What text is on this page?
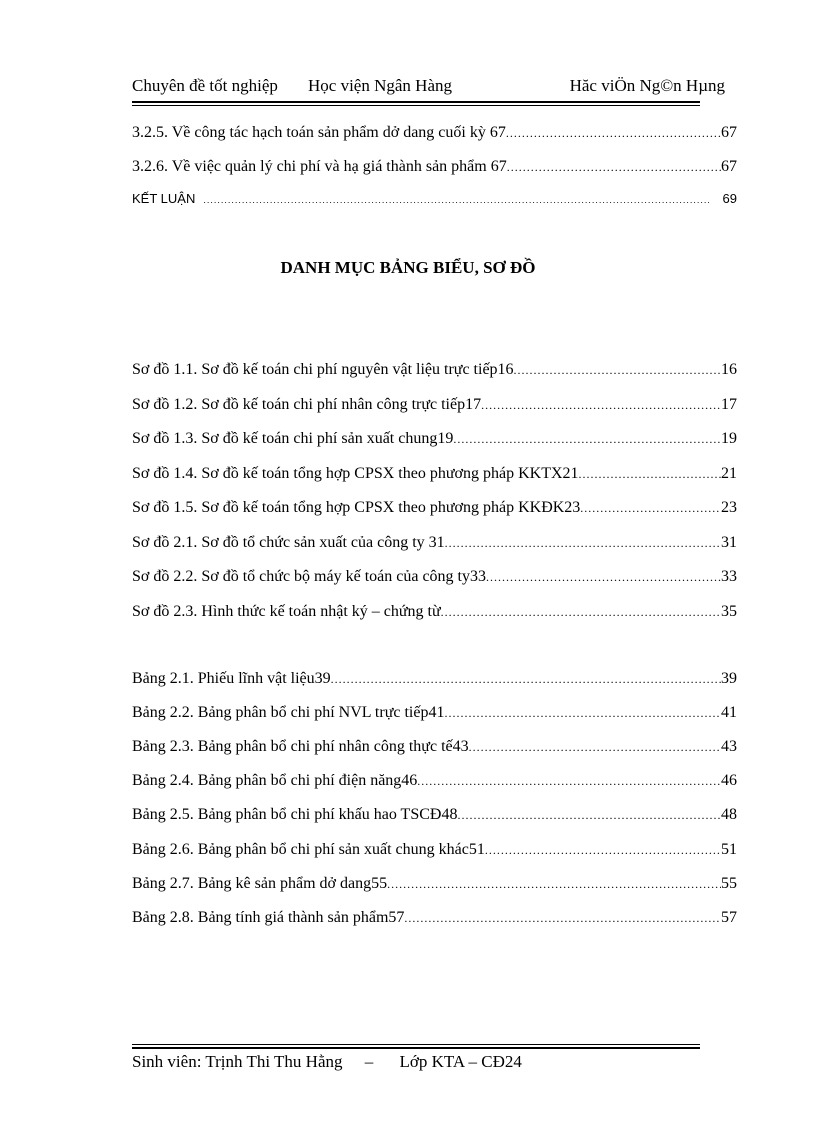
Chuyên đề tốt nghiệp Học viện Ngân Hàng	Hăc viÖn Ng©n Hµng
3.2.5. Về công tác hạch toán sản phẩm dở dang cuối kỳ 67 .....	67
3.2.6. Về việc quản lý chi phí và hạ giá thành sản phẩm 67 .....	67
KẾT LUẬN .....	69
DANH MỤC BẢNG BIỂU, SƠ ĐỒ
Sơ đồ 1.1. Sơ đồ kế toán chi phí nguyên vật liệu trực tiếp16 .....	16
Sơ đồ 1.2. Sơ đồ kế toán chi phí nhân công trực tiếp17 .....	17
Sơ đồ 1.3. Sơ đồ kế toán chi phí sản xuất chung19 .....	19
Sơ đồ 1.4. Sơ đồ kế toán tổng hợp CPSX theo phương pháp KKTX21 .....	21
Sơ đồ 1.5. Sơ đồ kế toán tổng hợp CPSX theo phương pháp KKĐK23 .....	23
Sơ đồ 2.1. Sơ đồ tổ chức sản xuất của công ty 31 .....	31
Sơ đồ 2.2. Sơ đồ tổ chức bộ máy kế toán của công ty33 .....	33
Sơ đồ 2.3. Hình thức kế toán nhật ký – chứng từ .....	35
Bảng 2.1. Phiếu lĩnh vật liệu39 .....	39
Bảng 2.2. Bảng phân bổ chi phí NVL trực tiếp41 .....	41
Bảng 2.3. Bảng phân bổ chi phí nhân công thực tế43 .....	43
Bảng 2.4. Bảng phân bổ chi phí điện năng46 .....	46
Bảng 2.5. Bảng phân bổ chi phí khấu hao TSCĐ48 .....	48
Bảng 2.6. Bảng phân bổ chi phí sản xuất chung khác51 .....	51
Bảng 2.7. Bảng kê sản phẩm dở dang55 .....	55
Bảng 2.8. Bảng tính giá thành sản phẩm57 .....	57
Sinh viên: Trịnh Thi Thu Hằng – Lớp KTA – CĐ24
